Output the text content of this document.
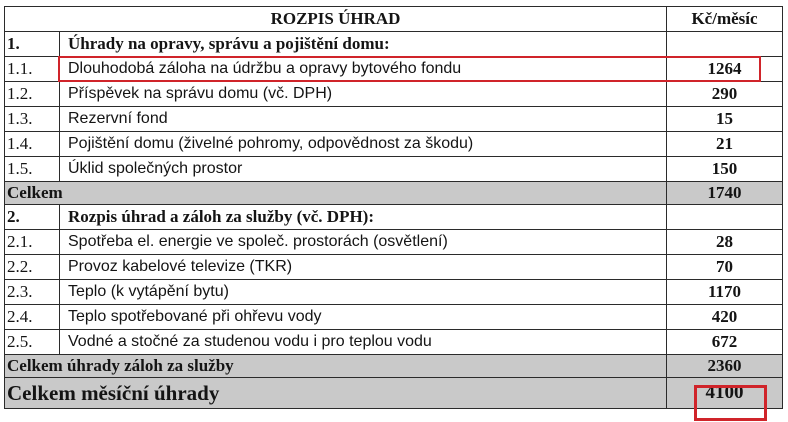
ROZPIS ÚHRAD		Kč/měsíc
1.	Úhrady na opravy, správu a pojištění domu:	
1.1.	Dlouhodobá záloha na údržbu a opravy bytového fondu	1264
1.2.	Příspěvek na správu domu (vč. DPH)	290
1.3.	Rezervní fond	15
1.4.	Pojištění domu (živelné pohromy, odpovědnost za škodu)	21
1.5.	Úklid společných prostor	150
Celkem		1740
2.	Rozpis úhrad a záloh za služby (vč. DPH):	
2.1.	Spotřeba el. energie ve společ. prostorách (osvětlení)	28
2.2.	Provoz kabelové televize (TKR)	70
2.3.	Teplo (k vytápění bytu)	1170
2.4.	Teplo spotřebované při ohřevu vody	420
2.5.	Vodné a stočné za studenou vodu i pro teplou vodu	672
Celkem úhrady záloh za služby		2360
Celkem měsíční úhrady		4100
